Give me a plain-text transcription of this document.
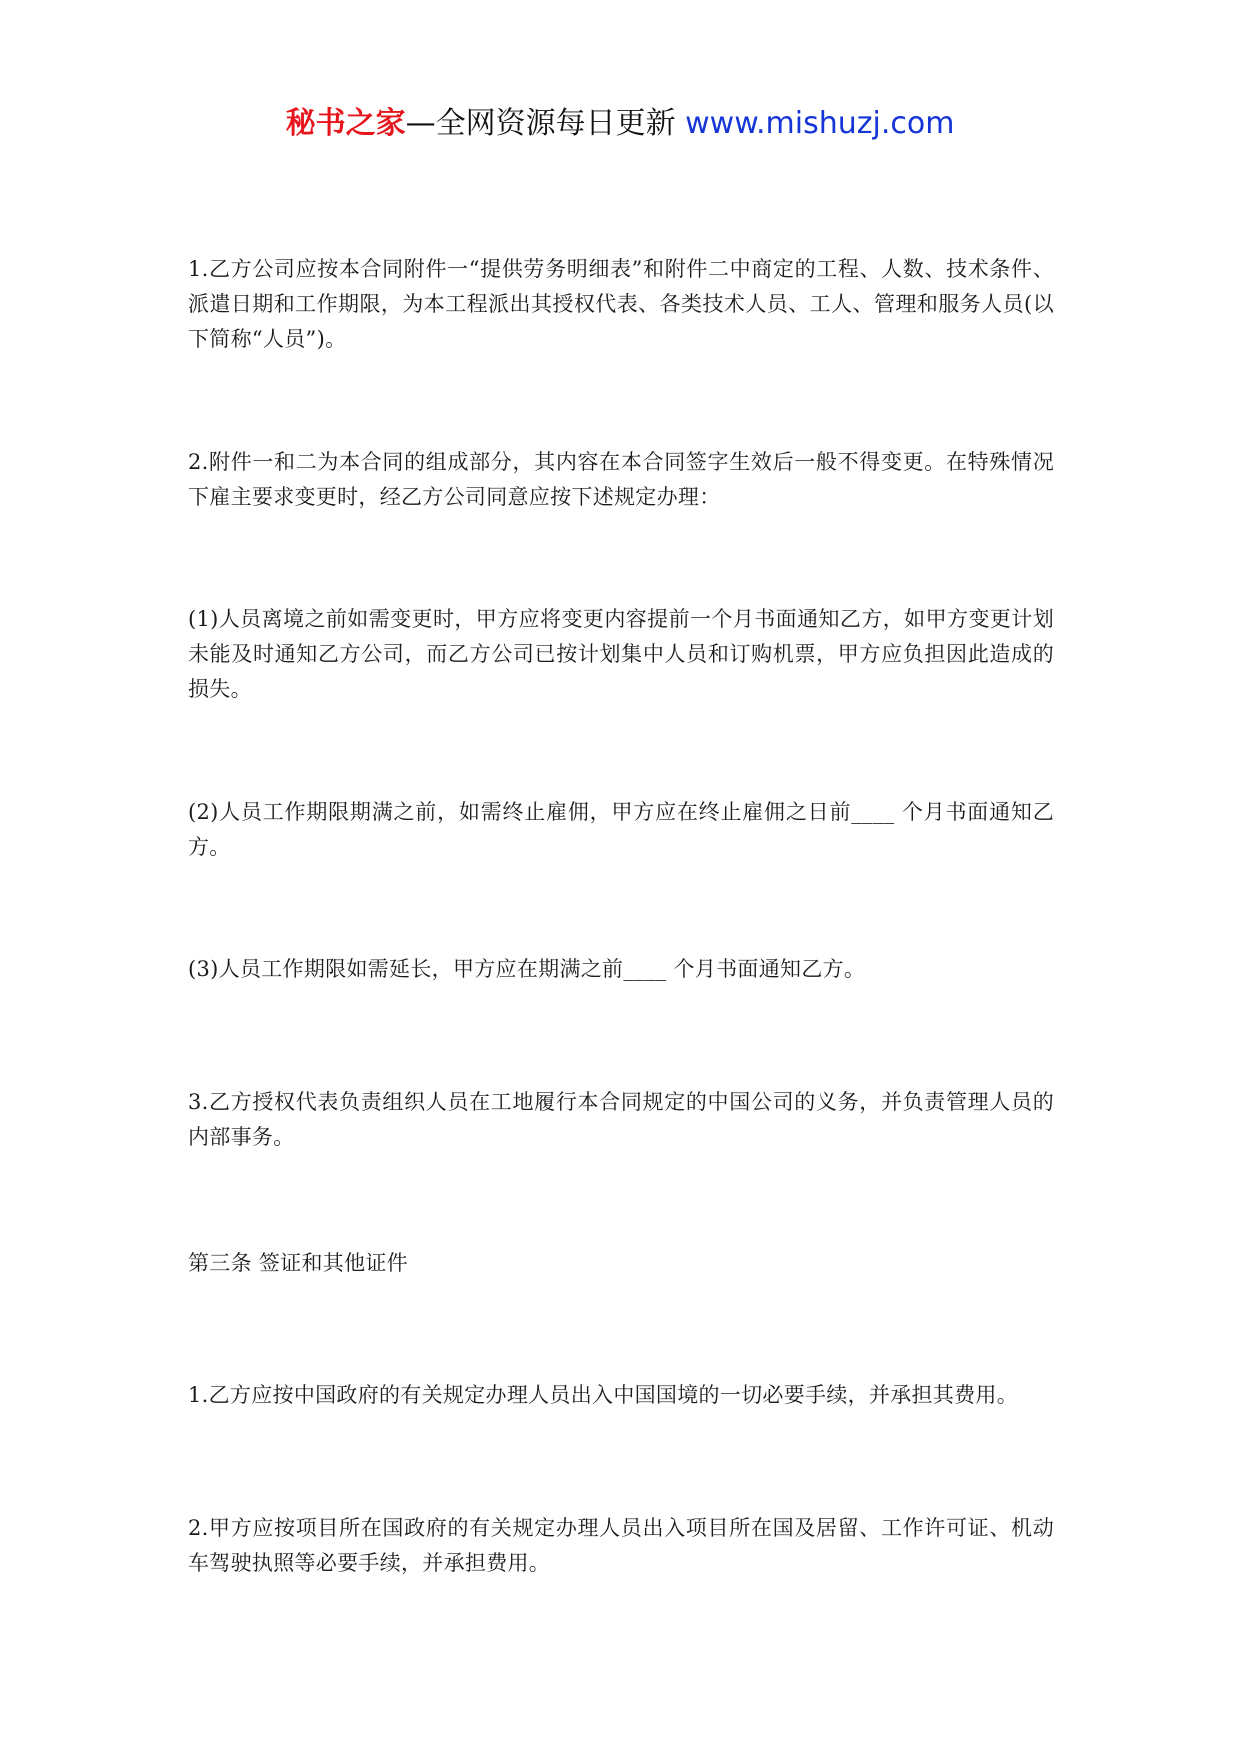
秘书之家—全网资源每日更新 www.mishuzj.com

1.乙方公司应按本合同附件一“提供劳务明细表”和附件二中商定的工程、人数、技术条件、派遣日期和工作期限，为本工程派出其授权代表、各类技术人员、工人、管理和服务人员(以下简称“人员”)。

2.附件一和二为本合同的组成部分，其内容在本合同签字生效后一般不得变更。在特殊情况下雇主要求变更时，经乙方公司同意应按下述规定办理：

(1)人员离境之前如需变更时，甲方应将变更内容提前一个月书面通知乙方，如甲方变更计划未能及时通知乙方公司，而乙方公司已按计划集中人员和订购机票，甲方应负担因此造成的损失。

(2)人员工作期限期满之前，如需终止雇佣，甲方应在终止雇佣之日前____ 个月书面通知乙方。

(3)人员工作期限如需延长，甲方应在期满之前____ 个月书面通知乙方。

3.乙方授权代表负责组织人员在工地履行本合同规定的中国公司的义务，并负责管理人员的内部事务。

第三条 签证和其他证件

1.乙方应按中国政府的有关规定办理人员出入中国国境的一切必要手续，并承担其费用。

2.甲方应按项目所在国政府的有关规定办理人员出入项目所在国及居留、工作许可证、机动车驾驶执照等必要手续，并承担费用。
